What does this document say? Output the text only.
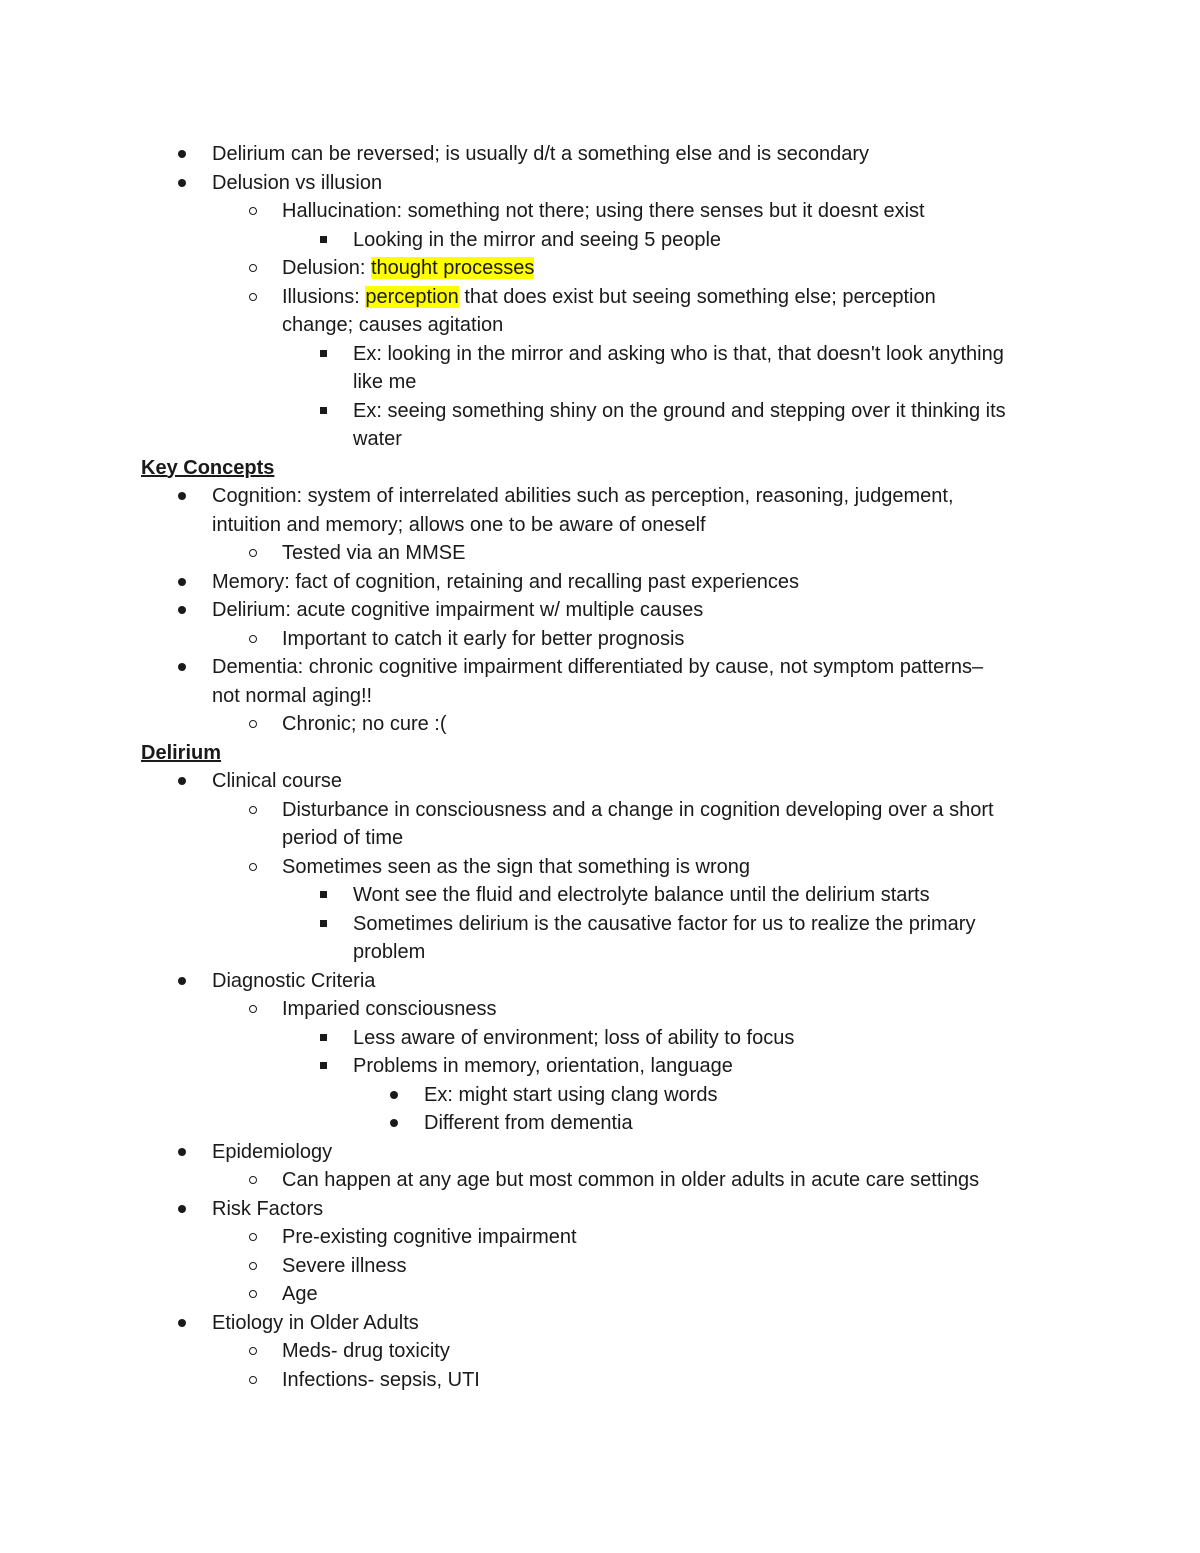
Delirium can be reversed; is usually d/t a something else and is secondary
Delusion vs illusion
Hallucination: something not there; using there senses but it doesnt exist
Looking in the mirror and seeing 5 people
Delusion: thought processes
Illusions: perception that does exist but seeing something else; perception
change; causes agitation
Ex: looking in the mirror and asking who is that, that doesn't look anything
like me
Ex: seeing something shiny on the ground and stepping over it thinking its
water
Key Concepts
Cognition: system of interrelated abilities such as perception, reasoning, judgement,
intuition and memory; allows one to be aware of oneself
Tested via an MMSE
Memory: fact of cognition, retaining and recalling past experiences
Delirium: acute cognitive impairment w/ multiple causes
Important to catch it early for better prognosis
Dementia: chronic cognitive impairment differentiated by cause, not symptom patterns–
not normal aging!!
Chronic; no cure :(
Delirium
Clinical course
Disturbance in consciousness and a change in cognition developing over a short
period of time
Sometimes seen as the sign that something is wrong
Wont see the fluid and electrolyte balance until the delirium starts
Sometimes delirium is the causative factor for us to realize the primary
problem
Diagnostic Criteria
Imparied consciousness
Less aware of environment; loss of ability to focus
Problems in memory, orientation, language
Ex: might start using clang words
Different from dementia
Epidemiology
Can happen at any age but most common in older adults in acute care settings
Risk Factors
Pre-existing cognitive impairment
Severe illness
Age
Etiology in Older Adults
Meds- drug toxicity
Infections- sepsis, UTI
